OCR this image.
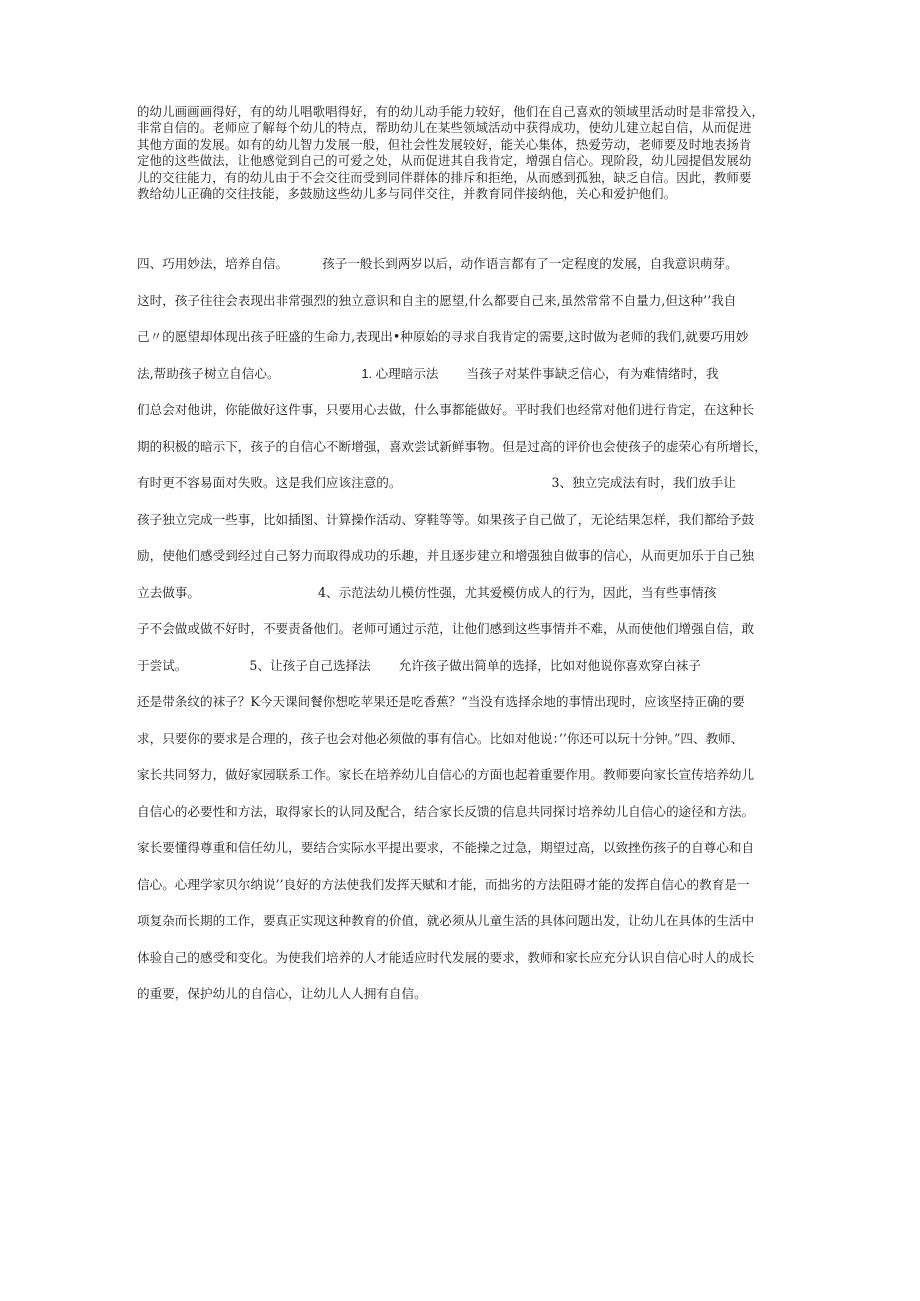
的幼儿画画画得好，有的幼儿唱歌唱得好，有的幼儿动手能力较好，他们在自己喜欢的领域里活动时是非常投入，
非常自信的。老师应了解每个幼儿的特点，帮助幼儿在某些领域活动中获得成功，使幼儿建立起自信，从而促进
其他方面的发展。如有的幼儿智力发展一般，但社会性发展较好，能关心集体，热爱劳动，老师要及时地表扬肯
定他的这些做法，让他感觉到自己的可爱之处，从而促进其自我肯定，增强自信心。现阶段，幼儿园提倡发展幼
儿的交往能力，有的幼儿由于不会交往而受到同伴群体的排斥和拒绝，从而感到孤独，缺乏自信。因此，教师要
教给幼儿正确的交往技能，多鼓励这些幼儿多与同伴交往，并教育同伴接纳他，关心和爱护他们。
四、巧用妙法，培养自信。	孩子一般长到两岁以后，动作语言都有了一定程度的发展，自我意识萌芽。
这时，孩子往往会表现出非常强烈的独立意识和自主的愿望,什么都要自己来,虽然常常不自量力,但这种’’我自
己〃的愿望却体现出孩子旺盛的生命力,表现出•种原始的寻求自我肯定的需要,这时做为老师的我们,就要巧用妙
法,帮助孩子树立自信心。	1. 心理暗示法 当孩子对某件事缺乏信心，有为难情绪时，我
们总会对他讲，你能做好这件事，只要用心去做，什么事都能做好。平时我们也经常对他们进行肯定，在这种长
期的积极的暗示下，孩子的自信心不断增强，喜欢尝试新鲜事物。但是过高的评价也会使孩子的虚荣心有所增长，
有时更不容易面对失败。这是我们应该注意的。	3、独立完成法有时，我们放手让
孩子独立完成一些事，比如插图、计算操作活动、穿鞋等等。如果孩子自己做了，无论结果怎样，我们都给予鼓
励，使他们感受到经过自己努力而取得成功的乐趣，并且逐步建立和增强独自做事的信心，从而更加乐于自己独
立去做事。	4、示范法幼儿模仿性强，尤其爱模仿成人的行为，因此，当有些事情孩
子不会做或做不好时，不要责备他们。老师可通过示范，让他们感到这些事情并不难，从而使他们增强自信，敢
于尝试。	5、让孩子自己选择法 允许孩子做出简单的选择，比如对他说你喜欢穿白袜子
还是带条纹的袜子？K今天课间餐你想吃苹果还是吃香蕉？“当没有选择余地的事情出现时，应该坚持正确的要
求，只要你的要求是合理的，孩子也会对他必须做的事有信心。比如对他说：’’你还可以玩十分钟。”四、教师、
家长共同努力，做好家园联系工作。家长在培养幼儿自信心的方面也起着重要作用。教师要向家长宣传培养幼儿
自信心的必要性和方法，取得家长的认同及配合，结合家长反馈的信息共同探讨培养幼儿自信心的途径和方法。
家长要懂得尊重和信任幼儿，要结合实际水平提出要求，不能操之过急，期望过高，以致挫伤孩子的自尊心和自
信心。心理学家贝尔纳说’’良好的方法使我们发挥天赋和才能，而拙劣的方法阻碍才能的发挥自信心的教育是一
项复杂而长期的工作，要真正实现这种教育的价值，就必须从儿童生活的具体问题出发，让幼儿在具体的生活中
体验自己的感受和变化。为使我们培养的人才能适应时代发展的要求，教师和家长应充分认识自信心时人的成长
的重要，保护幼儿的自信心，让幼儿人人拥有自信。
